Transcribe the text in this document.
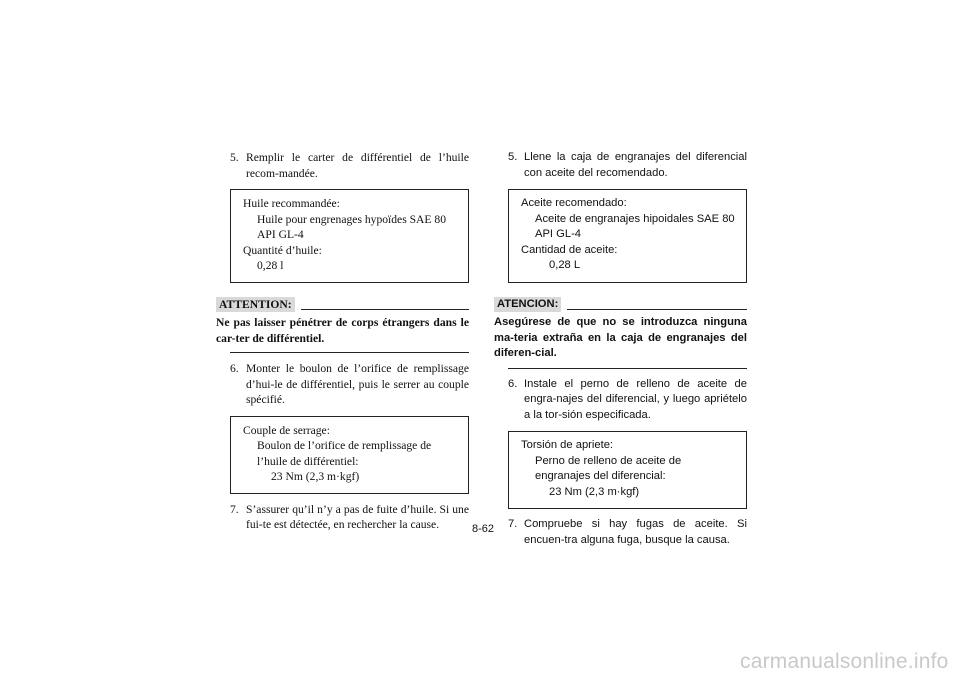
5. Remplir le carter de différentiel de l’huile recom-mandée.
Huile recommandée:
Huile pour engrenages hypoïdes SAE 80
API GL-4
Quantité d’huile:
0,28 l
ATTENTION:
Ne pas laisser pénétrer de corps étrangers dans le car-ter de différentiel.
6. Monter le boulon de l’orifice de remplissage d’hui-le de différentiel, puis le serrer au couple spécifié.
Couple de serrage:
Boulon de l’orifice de remplissage de l’huile de différentiel:
23 Nm (2,3 m·kgf)
7. S’assurer qu’il n’y a pas de fuite d’huile. Si une fui-te est détectée, en rechercher la cause.
5. Llene la caja de engranajes del diferencial con aceite del recomendado.
Aceite recomendado:
Aceite de engranajes hipoidales SAE 80
API GL-4
Cantidad de aceite:
0,28 L
ATENCION:
Asegúrese de que no se introduzca ninguna ma-teria extraña en la caja de engranajes del diferen-cial.
6. Instale el perno de relleno de aceite de engra-najes del diferencial, y luego apriételo a la tor-sión especificada.
Torsión de apriete:
Perno de relleno de aceite de engranajes del diferencial:
23 Nm (2,3 m·kgf)
7. Compruebe si hay fugas de aceite. Si encuen-tra alguna fuga, busque la causa.
8-62
carmanualsonline.info
